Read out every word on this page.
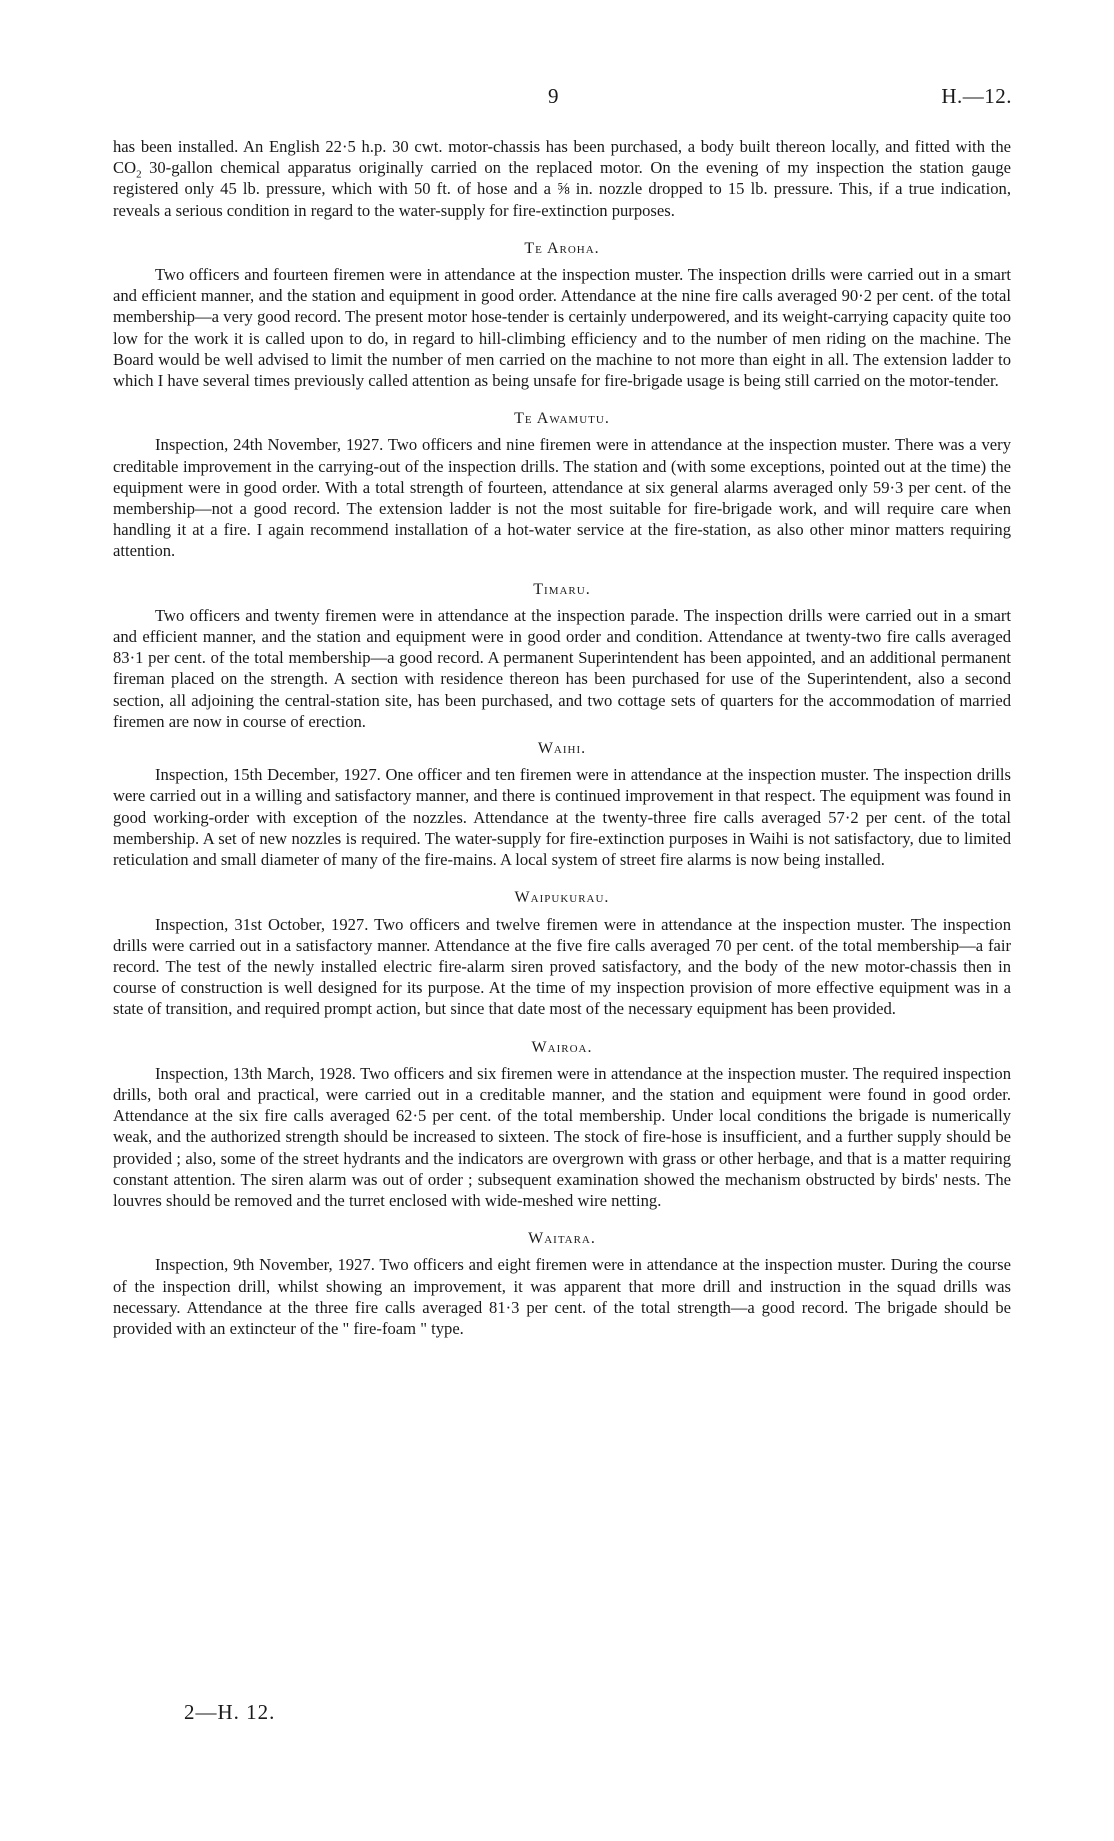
9	H.—12.

has been installed. An English 22·5 h.p. 30 cwt. motor-chassis has been purchased, a body built thereon locally, and fitted with the $CO_2$ 30-gallon chemical apparatus originally carried on the replaced motor. On the evening of my inspection the station gauge registered only 45 lb. pressure, which with 50 ft. of hose and a ⅝ in. nozzle dropped to 15 lb. pressure. This, if a true indication, reveals a serious condition in regard to the water-supply for fire-extinction purposes.

Te Aroha.

Two officers and fourteen firemen were in attendance at the inspection muster. The inspection drills were carried out in a smart and efficient manner, and the station and equipment in good order. Attendance at the nine fire calls averaged 90·2 per cent. of the total membership—a very good record. The present motor hose-tender is certainly underpowered, and its weight-carrying capacity quite too low for the work it is called upon to do, in regard to hill-climbing efficiency and to the number of men riding on the machine. The Board would be well advised to limit the number of men carried on the machine to not more than eight in all. The extension ladder to which I have several times previously called attention as being unsafe for fire-brigade usage is being still carried on the motor-tender.

Te Awamutu.

Inspection, 24th November, 1927. Two officers and nine firemen were in attendance at the inspection muster. There was a very creditable improvement in the carrying-out of the inspection drills. The station and (with some exceptions, pointed out at the time) the equipment were in good order. With a total strength of fourteen, attendance at six general alarms averaged only 59·3 per cent. of the membership—not a good record. The extension ladder is not the most suitable for fire-brigade work, and will require care when handling it at a fire. I again recommend installation of a hot-water service at the fire-station, as also other minor matters requiring attention.

Timaru.

Two officers and twenty firemen were in attendance at the inspection parade. The inspection drills were carried out in a smart and efficient manner, and the station and equipment were in good order and condition. Attendance at twenty-two fire calls averaged 83·1 per cent. of the total membership—a good record. A permanent Superintendent has been appointed, and an additional permanent fireman placed on the strength. A section with residence thereon has been purchased for use of the Superintendent, also a second section, all adjoining the central-station site, has been purchased, and two cottage sets of quarters for the accommodation of married firemen are now in course of erection.

Waihi.

Inspection, 15th December, 1927. One officer and ten firemen were in attendance at the inspection muster. The inspection drills were carried out in a willing and satisfactory manner, and there is continued improvement in that respect. The equipment was found in good working-order with exception of the nozzles. Attendance at the twenty-three fire calls averaged 57·2 per cent. of the total membership. A set of new nozzles is required. The water-supply for fire-extinction purposes in Waihi is not satisfactory, due to limited reticulation and small diameter of many of the fire-mains. A local system of street fire alarms is now being installed.

Waipukurau.

Inspection, 31st October, 1927. Two officers and twelve firemen were in attendance at the inspection muster. The inspection drills were carried out in a satisfactory manner. Attendance at the five fire calls averaged 70 per cent. of the total membership—a fair record. The test of the newly installed electric fire-alarm siren proved satisfactory, and the body of the new motor-chassis then in course of construction is well designed for its purpose. At the time of my inspection provision of more effective equipment was in a state of transition, and required prompt action, but since that date most of the necessary equipment has been provided.

Wairoa.

Inspection, 13th March, 1928. Two officers and six firemen were in attendance at the inspection muster. The required inspection drills, both oral and practical, were carried out in a creditable manner, and the station and equipment were found in good order. Attendance at the six fire calls averaged 62·5 per cent. of the total membership. Under local conditions the brigade is numerically weak, and the authorized strength should be increased to sixteen. The stock of fire-hose is insufficient, and a further supply should be provided ; also, some of the street hydrants and the indicators are overgrown with grass or other herbage, and that is a matter requiring constant attention. The siren alarm was out of order ; subsequent examination showed the mechanism obstructed by birds' nests. The louvres should be removed and the turret enclosed with wide-meshed wire netting.

Waitara.

Inspection, 9th November, 1927. Two officers and eight firemen were in attendance at the inspection muster. During the course of the inspection drill, whilst showing an improvement, it was apparent that more drill and instruction in the squad drills was necessary. Attendance at the three fire calls averaged 81·3 per cent. of the total strength—a good record. The brigade should be provided with an extincteur of the " fire-foam " type.

2—H. 12.
